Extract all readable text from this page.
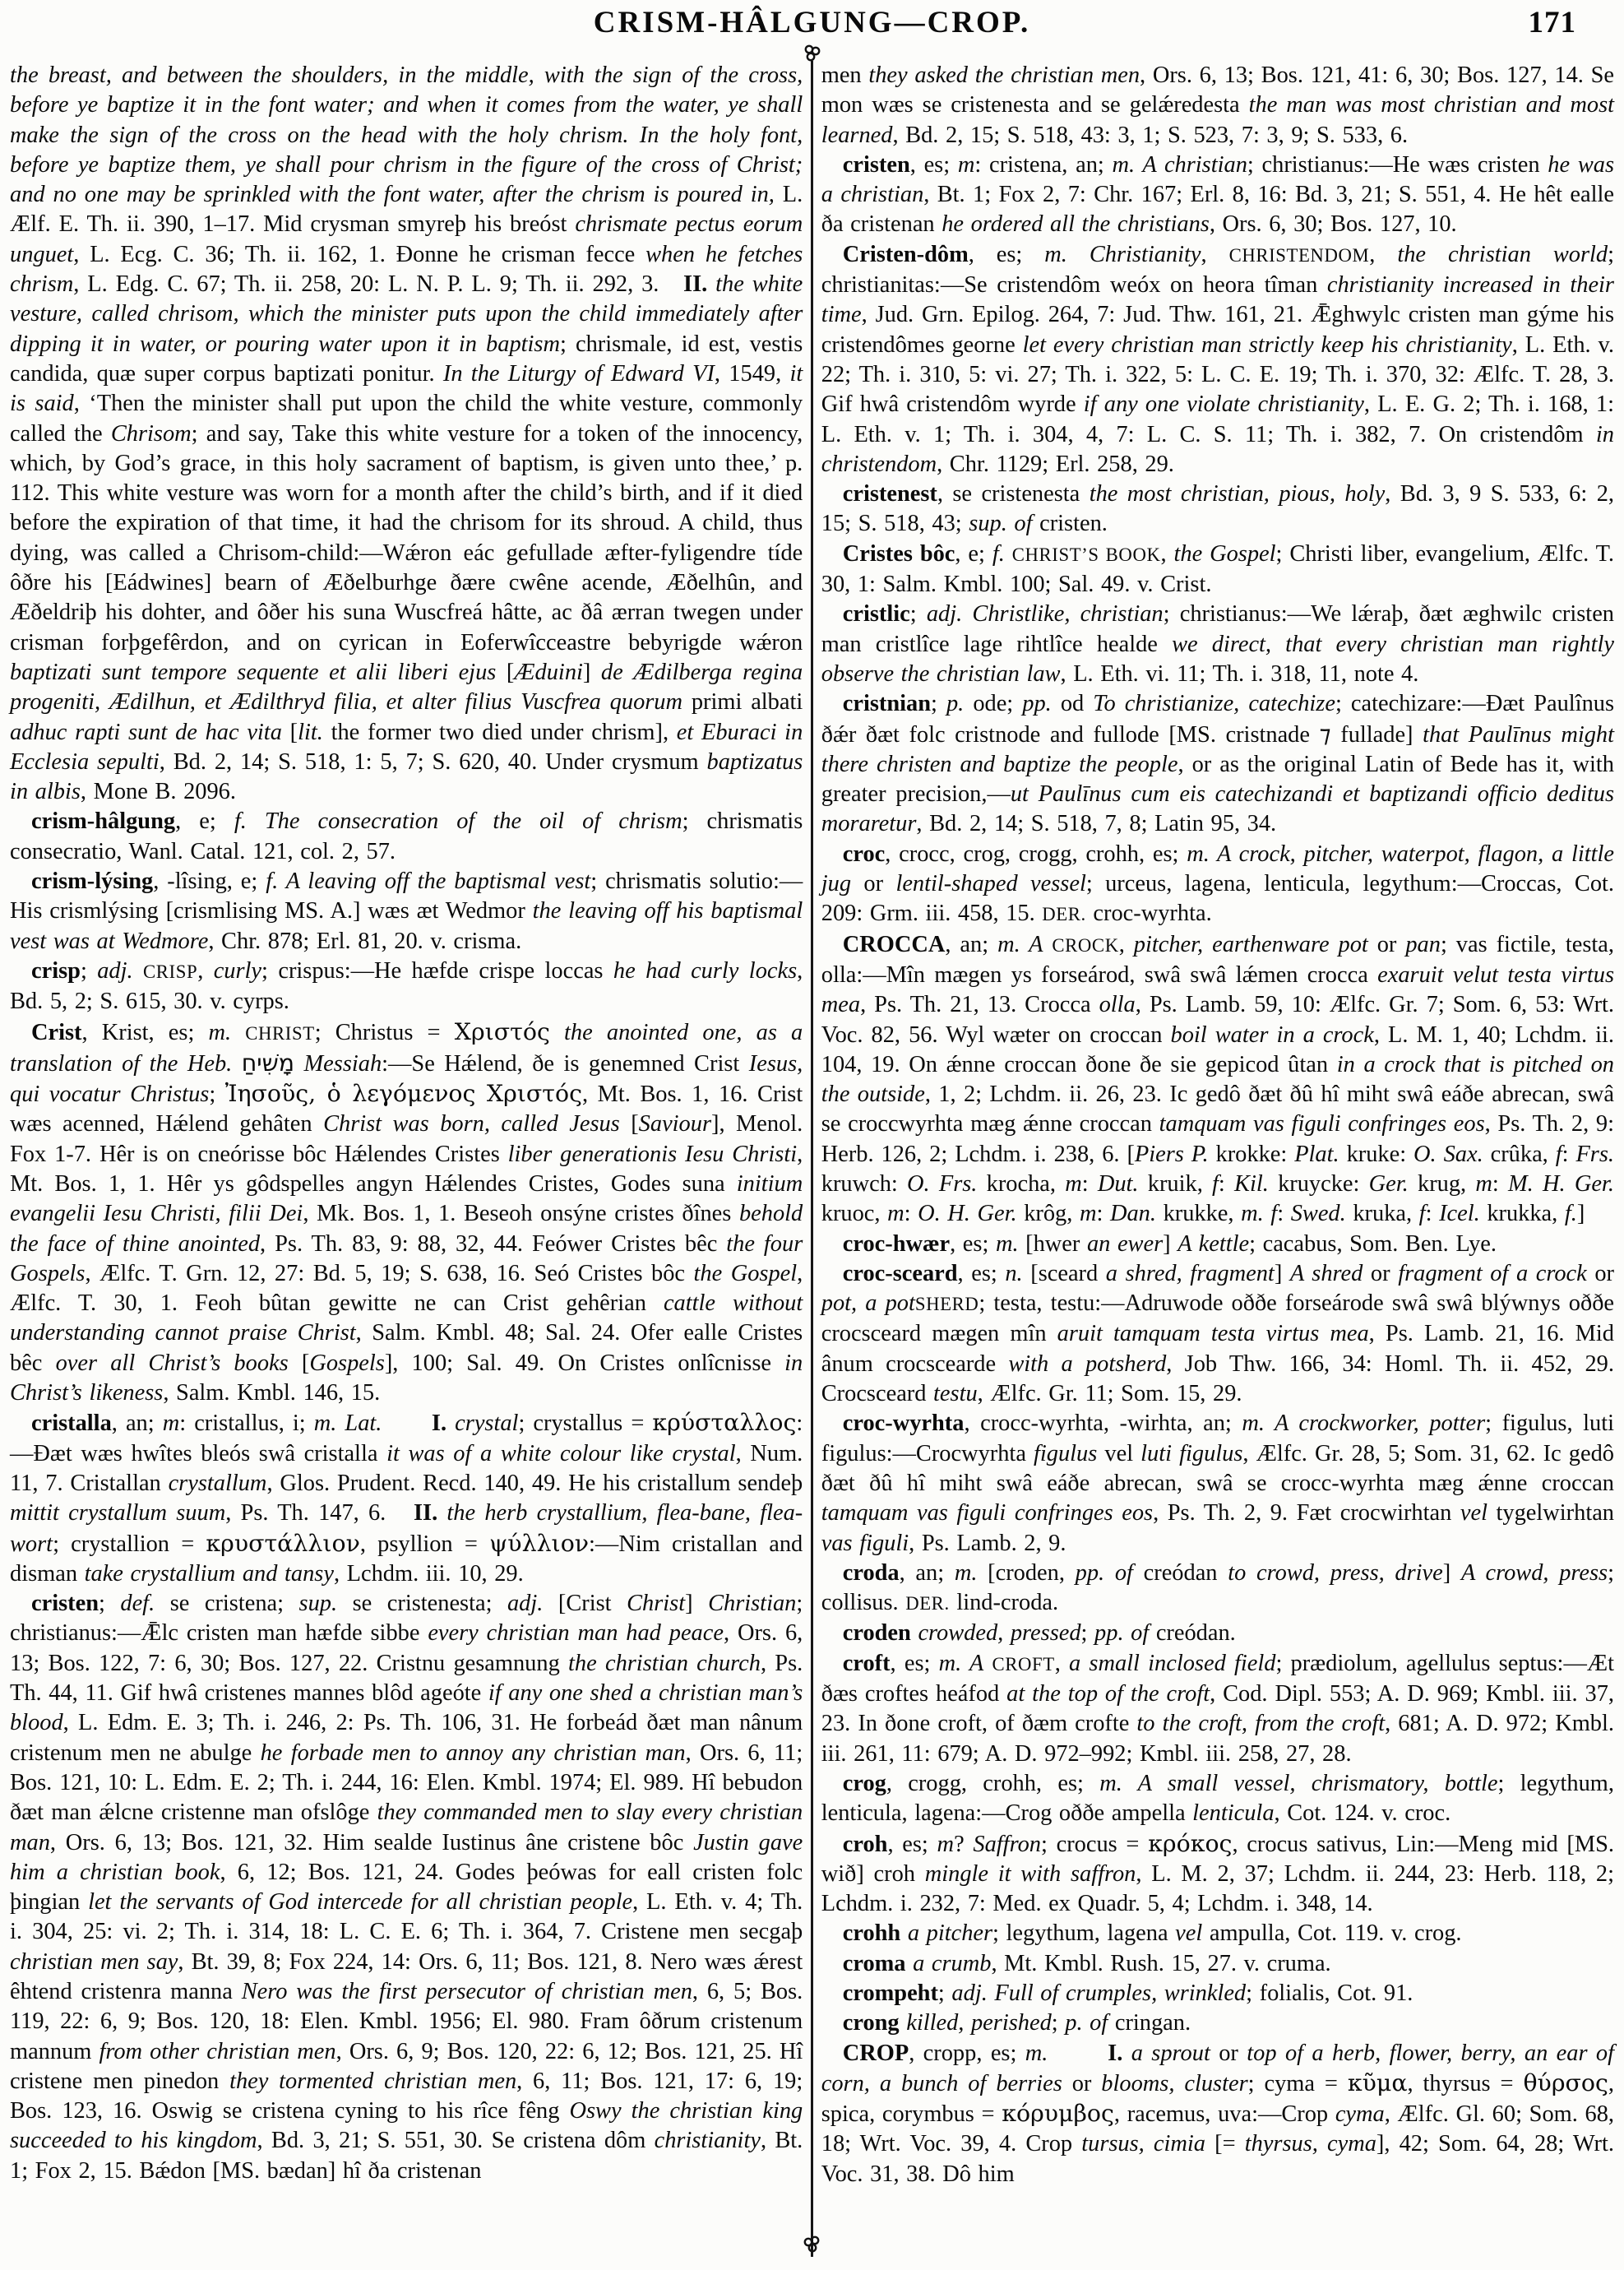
CRISM-HÂLGUNG—CROP.	171

the breast, and between the shoulders, in the middle, with the sign of the cross, before ye baptize it in the font water; and when it comes from the water, ye shall make the sign of the cross on the head with the holy chrism. In the holy font, before ye baptize them, ye shall pour chrism in the figure of the cross of Christ; and no one may be sprinkled with the font water, after the chrism is poured in, L. Ælf. E. Th. ii. 390, 1–17. Mid crysman smyreþ his breóst chrismate pectus eorum unguet, L. Ecg. C. 36; Th. ii. 162, 1. Ðonne he crisman fecce when he fetches chrism, L. Edg. C. 67; Th. ii. 258, 20: L. N. P. L. 9; Th. ii. 292, 3.   II. the white vesture, called chrisom, which the minister puts upon the child immediately after dipping it in water, or pouring water upon it in baptism; chrismale, id est, vestis candida, quæ super corpus baptizati ponitur. In the Liturgy of Edward VI, 1549, it is said, ‘Then the minister shall put upon the child the white vesture, commonly called the Chrisom; and say, Take this white vesture for a token of the innocency, which, by God’s grace, in this holy sacrament of baptism, is given unto thee,’ p. 112. This white vesture was worn for a month after the child’s birth, and if it died before the expiration of that time, it had the chrisom for its shroud. A child, thus dying, was called a Chrisom-child:—Wǽron eác gefullade æfter-fyligendre tíde ôðre his [Eádwines] bearn of Æðelburhge ðære cwêne acende, Æðelhûn, and Æðeldriþ his dohter, and ôðer his suna Wuscfreá hâtte, ac ðâ ærran twegen under crisman forþgefêrdon, and on cyrican in Eoferwîcceastre bebyrigde wǽron baptizati sunt tempore sequente et alii liberi ejus [Æduini] de Ædilberga regina progeniti, Ædilhun, et Ædilthryd filia, et alter filius Vuscfrea quorum primi albati adhuc rapti sunt de hac vita [lit. the former two died under chrism], et Eburaci in Ecclesia sepulti, Bd. 2, 14; S. 518, 1: 5, 7; S. 620, 40. Under crysmum baptizatus in albis, Mone B. 2096.

crism-hâlgung, e; f. The consecration of the oil of chrism; chrismatis consecratio, Wanl. Catal. 121, col. 2, 57.

crism-lýsing, -lîsing, e; f. A leaving off the baptismal vest; chrismatis solutio:—His crismlýsing [crismlising MS. A.] wæs æt Wedmor the leaving off his baptismal vest was at Wedmore, Chr. 878; Erl. 81, 20. v. crisma.

crisp; adj. CRISP, curly; crispus:—He hæfde crispe loccas he had curly locks, Bd. 5, 2; S. 615, 30. v. cyrps.

Crist, Krist, es; m. CHRIST; Christus = Χριστός the anointed one, as a translation of the Heb. מָשִׁיחַ Messiah:—Se Hǽlend, ðe is genemned Crist Iesus, qui vocatur Christus; Ἰησοῦς, ὁ λεγόμενος Χριστός, Mt. Bos. 1, 16. Crist wæs acenned, Hǽlend gehâten Christ was born, called Jesus [Saviour], Menol. Fox 1-7. Hêr is on cneórisse bôc Hǽlendes Cristes liber generationis Iesu Christi, Mt. Bos. 1, 1. Hêr ys gôdspelles angyn Hǽlendes Cristes, Godes suna initium evangelii Iesu Christi, filii Dei, Mk. Bos. 1, 1. Beseoh onsýne cristes ðînes behold the face of thine anointed, Ps. Th. 83, 9: 88, 32, 44. Feówer Cristes bêc the four Gospels, Ælfc. T. Grn. 12, 27: Bd. 5, 19; S. 638, 16. Seó Cristes bôc the Gospel, Ælfc. T. 30, 1. Feoh bûtan gewitte ne can Crist gehêrian cattle without understanding cannot praise Christ, Salm. Kmbl. 48; Sal. 24. Ofer ealle Cristes bêc over all Christ’s books [Gospels], 100; Sal. 49. On Cristes onlîcnisse in Christ’s likeness, Salm. Kmbl. 146, 15.

cristalla, an; m: cristallus, i; m. Lat. I. crystal; crystallus = κρύσταλλος:—Ðæt wæs hwîtes bleós swâ cristalla it was of a white colour like crystal, Num. 11, 7. Cristallan crystallum, Glos. Prudent. Recd. 140, 49. He his cristallum sendeþ mittit crystallum suum, Ps. Th. 147, 6.   II. the herb crystallium, flea-bane, flea-wort; crystallion = κρυστάλλιον, psyllion = ψύλλιον:—Nim cristallan and disman take crystallium and tansy, Lchdm. iii. 10, 29.

cristen; def. se cristena; sup. se cristenesta; adj. [Crist Christ] Christian; christianus:—Ǣlc cristen man hæfde sibbe every christian man had peace, Ors. 6, 13; Bos. 122, 7: 6, 30; Bos. 127, 22. Cristnu gesamnung the christian church, Ps. Th. 44, 11. Gif hwâ cristenes mannes blôd ageóte if any one shed a christian man’s blood, L. Edm. E. 3; Th. i. 246, 2: Ps. Th. 106, 31. He forbeád ðæt man nânum cristenum men ne abulge he forbade men to annoy any christian man, Ors. 6, 11; Bos. 121, 10: L. Edm. E. 2; Th. i. 244, 16: Elen. Kmbl. 1974; El. 989. Hî bebudon ðæt man ǽlcne cristenne man ofslôge they commanded men to slay every christian man, Ors. 6, 13; Bos. 121, 32. Him sealde Iustinus âne cristene bôc Justin gave him a christian book, 6, 12; Bos. 121, 24. Godes þeówas for eall cristen folc þingian let the servants of God intercede for all christian people, L. Eth. v. 4; Th. i. 304, 25: vi. 2; Th. i. 314, 18: L. C. E. 6; Th. i. 364, 7. Cristene men secgaþ christian men say, Bt. 39, 8; Fox 224, 14: Ors. 6, 11; Bos. 121, 8. Nero wæs ǽrest êhtend cristenra manna Nero was the first persecutor of christian men, 6, 5; Bos. 119, 22: 6, 9; Bos. 120, 18: Elen. Kmbl. 1956; El. 980. Fram ôðrum cristenum mannum from other christian men, Ors. 6, 9; Bos. 120, 22: 6, 12; Bos. 121, 25. Hî cristene men pinedon they tormented christian men, 6, 11; Bos. 121, 17: 6, 19; Bos. 123, 16. Oswig se cristena cyning to his rîce fêng Oswy the christian king succeeded to his kingdom, Bd. 3, 21; S. 551, 30. Se cristena dôm christianity, Bt. 1; Fox 2, 15. Bǽdon [MS. bædan] hî ða cristenan

men they asked the christian men, Ors. 6, 13; Bos. 121, 41: 6, 30; Bos. 127, 14. Se mon wæs se cristenesta and se gelǽredesta the man was most christian and most learned, Bd. 2, 15; S. 518, 43: 3, 1; S. 523, 7: 3, 9; S. 533, 6.

cristen, es; m: cristena, an; m. A christian; christianus:—He wæs cristen he was a christian, Bt. 1; Fox 2, 7: Chr. 167; Erl. 8, 16: Bd. 3, 21; S. 551, 4. He hêt ealle ða cristenan he ordered all the christians, Ors. 6, 30; Bos. 127, 10.

Cristen-dôm, es; m. Christianity, CHRISTENDOM, the christian world; christianitas:—Se cristendôm weóx on heora tîman christianity increased in their time, Jud. Grn. Epilog. 264, 7: Jud. Thw. 161, 21. Ǣghwylc cristen man gýme his cristendômes georne let every christian man strictly keep his christianity, L. Eth. v. 22; Th. i. 310, 5: vi. 27; Th. i. 322, 5: L. C. E. 19; Th. i. 370, 32: Ælfc. T. 28, 3. Gif hwâ cristendôm wyrde if any one violate christianity, L. E. G. 2; Th. i. 168, 1: L. Eth. v. 1; Th. i. 304, 4, 7: L. C. S. 11; Th. i. 382, 7. On cristendôm in christendom, Chr. 1129; Erl. 258, 29.

cristenest, se cristenesta the most christian, pious, holy, Bd. 3, 9 S. 533, 6: 2, 15; S. 518, 43; sup. of cristen.

Cristes bôc, e; f. CHRIST’S BOOK, the Gospel; Christi liber, evangelium, Ælfc. T. 30, 1: Salm. Kmbl. 100; Sal. 49. v. Crist.

cristlic; adj. Christlike, christian; christianus:—We lǽraþ, ðæt æghwilc cristen man cristlîce lage rihtlîce healde we direct, that every christian man rightly observe the christian law, L. Eth. vi. 11; Th. i. 318, 11, note 4.

cristnian; p. ode; pp. od To christianize, catechize; catechizare:—Ðæt Paulînus ðǽr ðæt folc cristnode and fullode [MS. cristnade ⁊ fullade] that Paulīnus might there christen and baptize the people, or as the original Latin of Bede has it, with greater precision,—ut Paulīnus cum eis catechizandi et baptizandi officio deditus moraretur, Bd. 2, 14; S. 518, 7, 8; Latin 95, 34.

croc, crocc, crog, crogg, crohh, es; m. A crock, pitcher, waterpot, flagon, a little jug or lentil-shaped vessel; urceus, lagena, lenticula, legythum:—Croccas, Cot. 209: Grm. iii. 458, 15. DER. croc-wyrhta.

CROCCA, an; m. A CROCK, pitcher, earthenware pot or pan; vas fictile, testa, olla:—Mîn mægen ys forseárod, swâ swâ lǽmen crocca exaruit velut testa virtus mea, Ps. Th. 21, 13. Crocca olla, Ps. Lamb. 59, 10: Ælfc. Gr. 7; Som. 6, 53: Wrt. Voc. 82, 56. Wyl wæter on croccan boil water in a crock, L. M. 1, 40; Lchdm. ii. 104, 19. On ǽnne croccan ðone ðe sie gepicod ûtan in a crock that is pitched on the outside, 1, 2; Lchdm. ii. 26, 23. Ic gedô ðæt ðû hî miht swâ eáðe abrecan, swâ se croccwyrhta mæg ǽnne croccan tamquam vas figuli confringes eos, Ps. Th. 2, 9: Herb. 126, 2; Lchdm. i. 238, 6. [Piers P. krokke: Plat. kruke: O. Sax. crûka, f: Frs. kruwch: O. Frs. krocha, m: Dut. kruik, f: Kil. kruycke: Ger. krug, m: M. H. Ger. kruoc, m: O. H. Ger. krôg, m: Dan. krukke, m. f: Swed. kruka, f: Icel. krukka, f.]

croc-hwær, es; m. [hwer an ewer] A kettle; cacabus, Som. Ben. Lye.

croc-sceard, es; n. [sceard a shred, fragment] A shred or fragment of a crock or pot, a potSHERD; testa, testu:—Adruwode oððe forseárode swâ swâ blýwnys oððe crocsceard mægen mîn aruit tamquam testa virtus mea, Ps. Lamb. 21, 16. Mid ânum crocscearde with a potsherd, Job Thw. 166, 34: Homl. Th. ii. 452, 29. Crocsceard testu, Ælfc. Gr. 11; Som. 15, 29.

croc-wyrhta, crocc-wyrhta, -wirhta, an; m. A crockworker, potter; figulus, luti figulus:—Crocwyrhta figulus vel luti figulus, Ælfc. Gr. 28, 5; Som. 31, 62. Ic gedô ðæt ðû hî miht swâ eáðe abrecan, swâ se crocc-wyrhta mæg ǽnne croccan tamquam vas figuli confringes eos, Ps. Th. 2, 9. Fæt crocwirhtan vel tygelwirhtan vas figuli, Ps. Lamb. 2, 9.

croda, an; m. [croden, pp. of creódan to crowd, press, drive] A crowd, press; collisus. DER. lind-croda.

croden crowded, pressed; pp. of creódan.

croft, es; m. A CROFT, a small inclosed field; prædiolum, agellulus septus:—Æt ðæs croftes heáfod at the top of the croft, Cod. Dipl. 553; A. D. 969; Kmbl. iii. 37, 23. In ðone croft, of ðæm crofte to the croft, from the croft, 681; A. D. 972; Kmbl. iii. 261, 11: 679; A. D. 972–992; Kmbl. iii. 258, 27, 28.

crog, crogg, crohh, es; m. A small vessel, chrismatory, bottle; legythum, lenticula, lagena:—Crog oððe ampella lenticula, Cot. 124. v. croc.

croh, es; m? Saffron; crocus = κρόκος, crocus sativus, Lin:—Meng mid [MS. wið] croh mingle it with saffron, L. M. 2, 37; Lchdm. ii. 244, 23: Herb. 118, 2; Lchdm. i. 232, 7: Med. ex Quadr. 5, 4; Lchdm. i. 348, 14.

crohh a pitcher; legythum, lagena vel ampulla, Cot. 119. v. crog.

croma a crumb, Mt. Kmbl. Rush. 15, 27. v. cruma.

crompeht; adj. Full of crumples, wrinkled; folialis, Cot. 91.

crong killed, perished; p. of cringan.

CROP, cropp, es; m.	I. a sprout or top of a herb, flower, berry, an ear of corn, a bunch of berries or blooms, cluster; cyma = κῦμα, thyrsus = θύρσος, spica, corymbus = κόρυμβος, racemus, uva:—Crop cyma, Ælfc. Gl. 60; Som. 68, 18; Wrt. Voc. 39, 4. Crop tursus, cimia [= thyrsus, cyma], 42; Som. 64, 28; Wrt. Voc. 31, 38. Dô him
